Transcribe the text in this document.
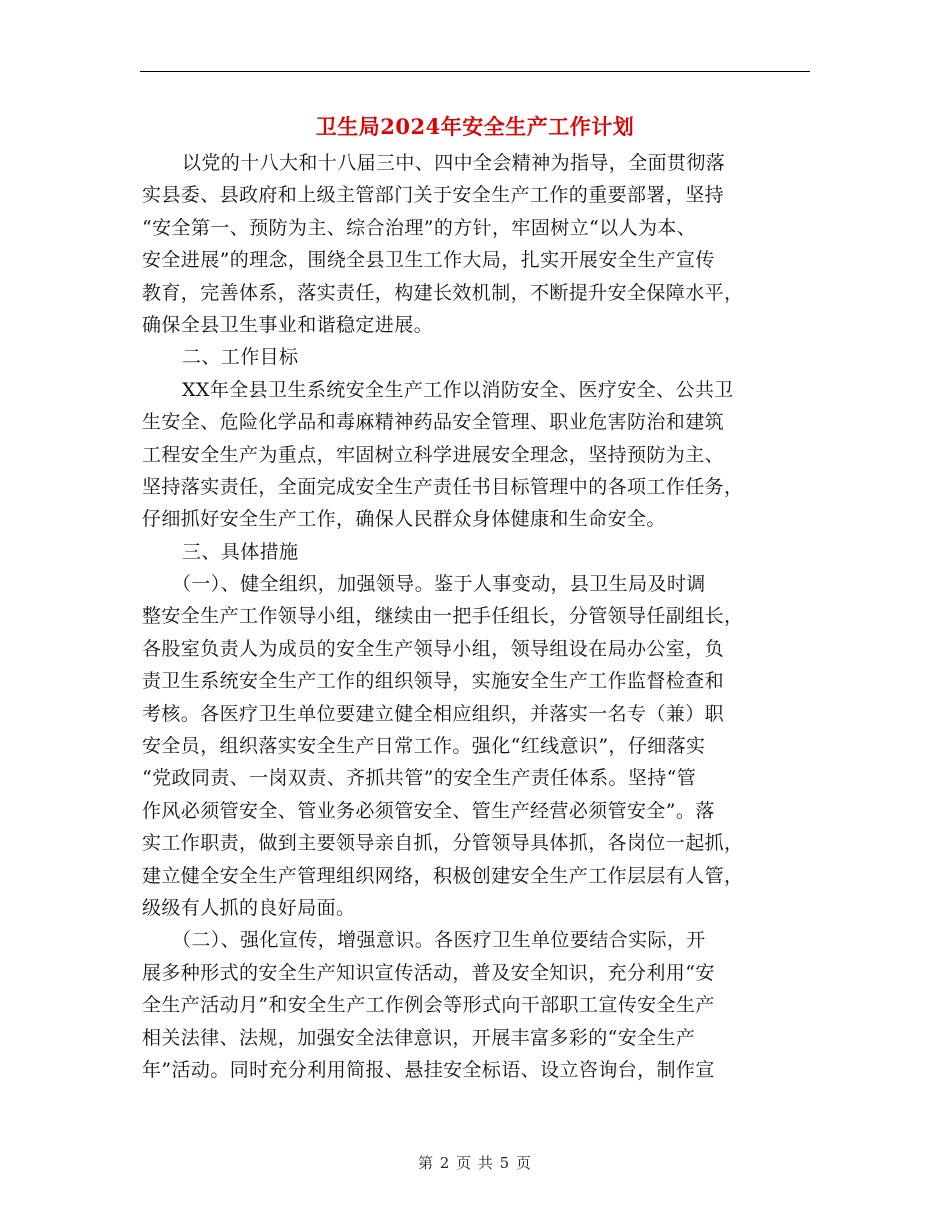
卫生局2024年安全生产工作计划
以党的十八大和十八届三中、四中全会精神为指导，全面贯彻落
实县委、县政府和上级主管部门关于安全生产工作的重要部署，坚持
“安全第一、预防为主、综合治理”的方针，牢固树立“以人为本、
安全进展”的理念，围绕全县卫生工作大局，扎实开展安全生产宣传
教育，完善体系，落实责任，构建长效机制，不断提升安全保障水平，
确保全县卫生事业和谐稳定进展。
二、工作目标
XX年全县卫生系统安全生产工作以消防安全、医疗安全、公共卫
生安全、危险化学品和毒麻精神药品安全管理、职业危害防治和建筑
工程安全生产为重点，牢固树立科学进展安全理念，坚持预防为主、
坚持落实责任，全面完成安全生产责任书目标管理中的各项工作任务，
仔细抓好安全生产工作，确保人民群众身体健康和生命安全。
三、具体措施
（一）、健全组织，加强领导。鉴于人事变动，县卫生局及时调
整安全生产工作领导小组，继续由一把手任组长，分管领导任副组长，
各股室负责人为成员的安全生产领导小组，领导组设在局办公室，负
责卫生系统安全生产工作的组织领导，实施安全生产工作监督检查和
考核。各医疗卫生单位要建立健全相应组织，并落实一名专（兼）职
安全员，组织落实安全生产日常工作。强化“红线意识”，仔细落实
“党政同责、一岗双责、齐抓共管”的安全生产责任体系。坚持“管
作风必须管安全、管业务必须管安全、管生产经营必须管安全”。落
实工作职责，做到主要领导亲自抓，分管领导具体抓，各岗位一起抓，
建立健全安全生产管理组织网络，积极创建安全生产工作层层有人管，
级级有人抓的良好局面。
（二）、强化宣传，增强意识。各医疗卫生单位要结合实际，开
展多种形式的安全生产知识宣传活动，普及安全知识，充分利用“安
全生产活动月”和安全生产工作例会等形式向干部职工宣传安全生产
相关法律、法规，加强安全法律意识，开展丰富多彩的“安全生产
年”活动。同时充分利用简报、悬挂安全标语、设立咨询台，制作宣
第 2 页 共 5 页
